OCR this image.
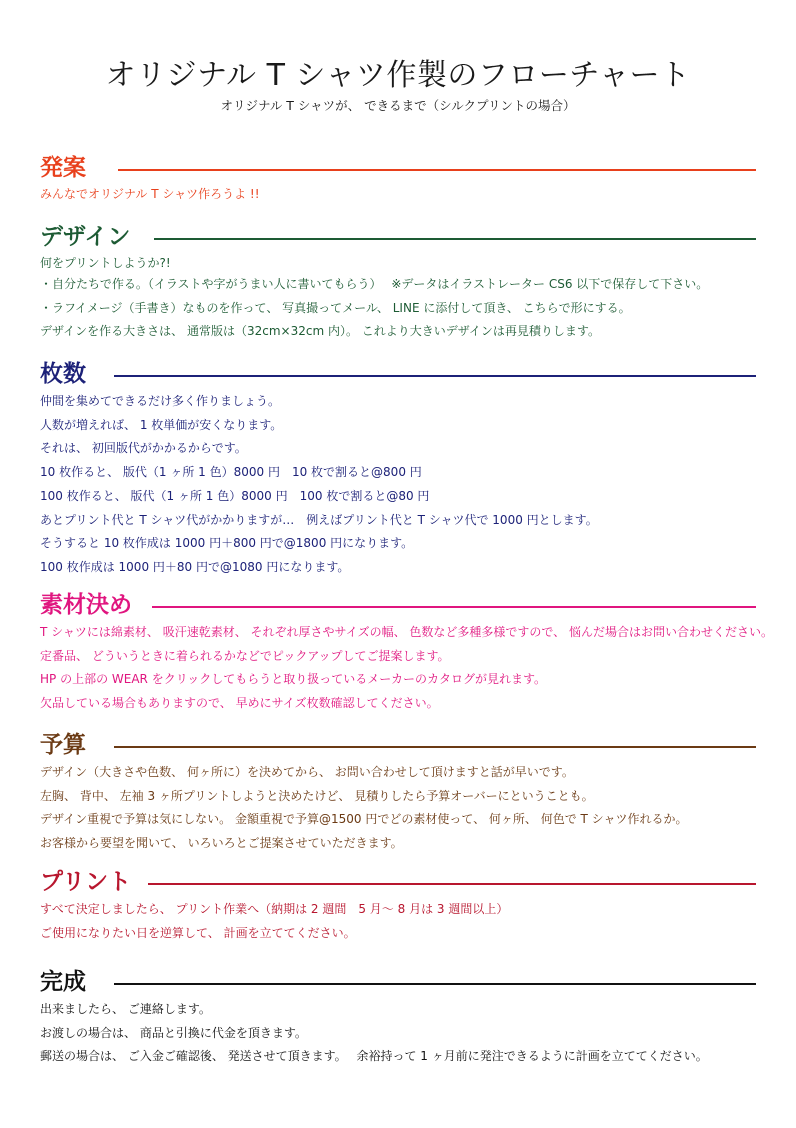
オリジナル T シャツ作製のフローチャート
オリジナル T シャツが、 できるまで（シルクプリントの場合）
発案
みんなでオリジナル T シャツ作ろうよ !!
デザイン
何をプリントしようか?!
・自分たちで作る。（イラストや字がうまい人に書いてもらう）　 ※データはイラストレーター CS6 以下で保存して下さい。
・ラフイメージ（手書き）なものを作って、 写真撮ってメール、 LINE に添付して頂き、 こちらで形にする。
デザインを作る大きさは、 通常版は（32cm×32cm 内）。 これより大きいデザインは再見積りします。
枚数
仲間を集めてできるだけ多く作りましょう。
人数が増えれば、 1 枚単価が安くなります。
それは、 初回版代がかかるからです。
10 枚作ると、 版代（1 ヶ所 1 色）8000 円　10 枚で割ると@800 円
100 枚作ると、 版代（1 ヶ所 1 色）8000 円　100 枚で割ると@80 円
あとプリント代と T シャツ代がかかりますが…　例えばプリント代と T シャツ代で 1000 円とします。
そうすると 10 枚作成は 1000 円＋800 円で@1800 円になります。
100 枚作成は 1000 円＋80 円で@1080 円になります。
素材決め
T シャツには綿素材、 吸汗速乾素材、 それぞれ厚さやサイズの幅、 色数など多種多様ですので、 悩んだ場合はお問い合わせください。
定番品、 どういうときに着られるかなどでピックアップしてご提案します。
HP の上部の WEAR をクリックしてもらうと取り扱っているメーカーのカタログが見れます。
欠品している場合もありますので、 早めにサイズ枚数確認してください。
予算
デザイン（大きさや色数、 何ヶ所に）を決めてから、 お問い合わせして頂けますと話が早いです。
左胸、 背中、 左袖 3 ヶ所プリントしようと決めたけど、 見積りしたら予算オーバーにということも。
デザイン重視で予算は気にしない。 金額重視で予算@1500 円でどの素材使って、 何ヶ所、 何色で T シャツ作れるか。
お客様から要望を聞いて、 いろいろとご提案させていただきます。
プリント
すべて決定しましたら、 プリント作業へ（納期は 2 週間　5 月～ 8 月は 3 週間以上）
ご使用になりたい日を逆算して、 計画を立ててください。
完成
出来ましたら、 ご連絡します。
お渡しの場合は、 商品と引換に代金を頂きます。
郵送の場合は、 ご入金ご確認後、 発送させて頂きます。　 余裕持って 1 ヶ月前に発注できるように計画を立ててください。
